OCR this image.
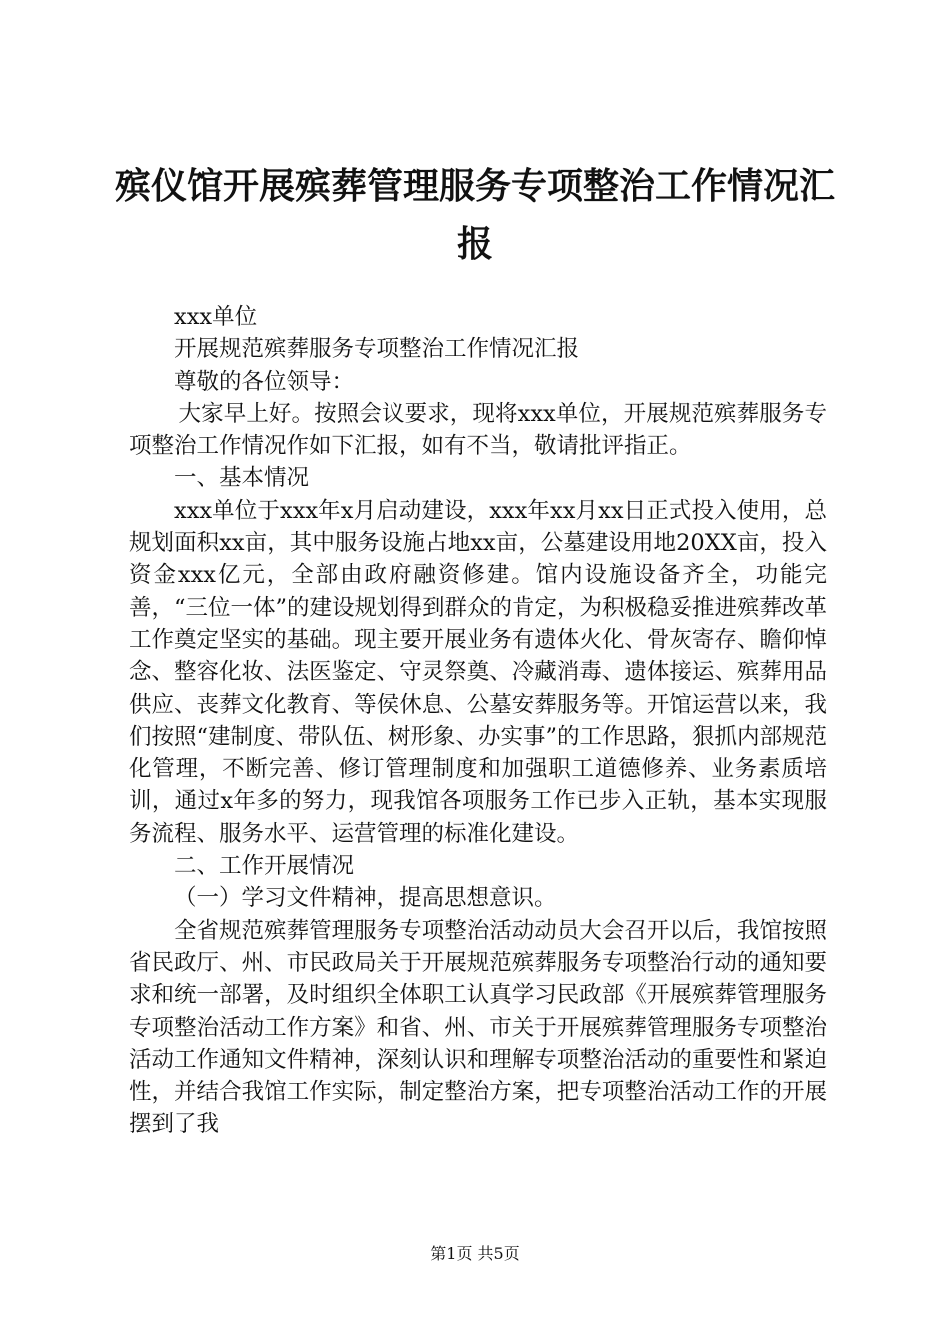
殡仪馆开展殡葬管理服务专项整治工作情况汇报

xxx单位

开展规范殡葬服务专项整治工作情况汇报

尊敬的各位领导：

大家早上好。按照会议要求，现将xxx单位，开展规范殡葬服务专项整治工作情况作如下汇报，如有不当，敬请批评指正。

一、基本情况

xxx单位于xxx年x月启动建设，xxx年xx月xx日正式投入使用，总规划面积xx亩，其中服务设施占地xx亩，公墓建设用地20XX亩，投入资金xxx亿元，全部由政府融资修建。馆内设施设备齐全，功能完善，“三位一体”的建设规划得到群众的肯定，为积极稳妥推进殡葬改革工作奠定坚实的基础。现主要开展业务有遗体火化、骨灰寄存、瞻仰悼念、整容化妆、法医鉴定、守灵祭奠、冷藏消毒、遗体接运、殡葬用品供应、丧葬文化教育、等侯休息、公墓安葬服务等。开馆运营以来，我们按照“建制度、带队伍、树形象、办实事”的工作思路，狠抓内部规范化管理，不断完善、修订管理制度和加强职工道德修养、业务素质培训，通过x年多的努力，现我馆各项服务工作已步入正轨，基本实现服务流程、服务水平、运营管理的标准化建设。

二、工作开展情况

（一）学习文件精神，提高思想意识。

全省规范殡葬管理服务专项整治活动动员大会召开以后，我馆按照省民政厅、州、市民政局关于开展规范殡葬服务专项整治行动的通知要求和统一部署，及时组织全体职工认真学习民政部《开展殡葬管理服务专项整治活动工作方案》和省、州、市关于开展殡葬管理服务专项整治活动工作通知文件精神，深刻认识和理解专项整治活动的重要性和紧迫性，并结合我馆工作实际，制定整治方案，把专项整治活动工作的开展摆到了我

第1页 共5页
